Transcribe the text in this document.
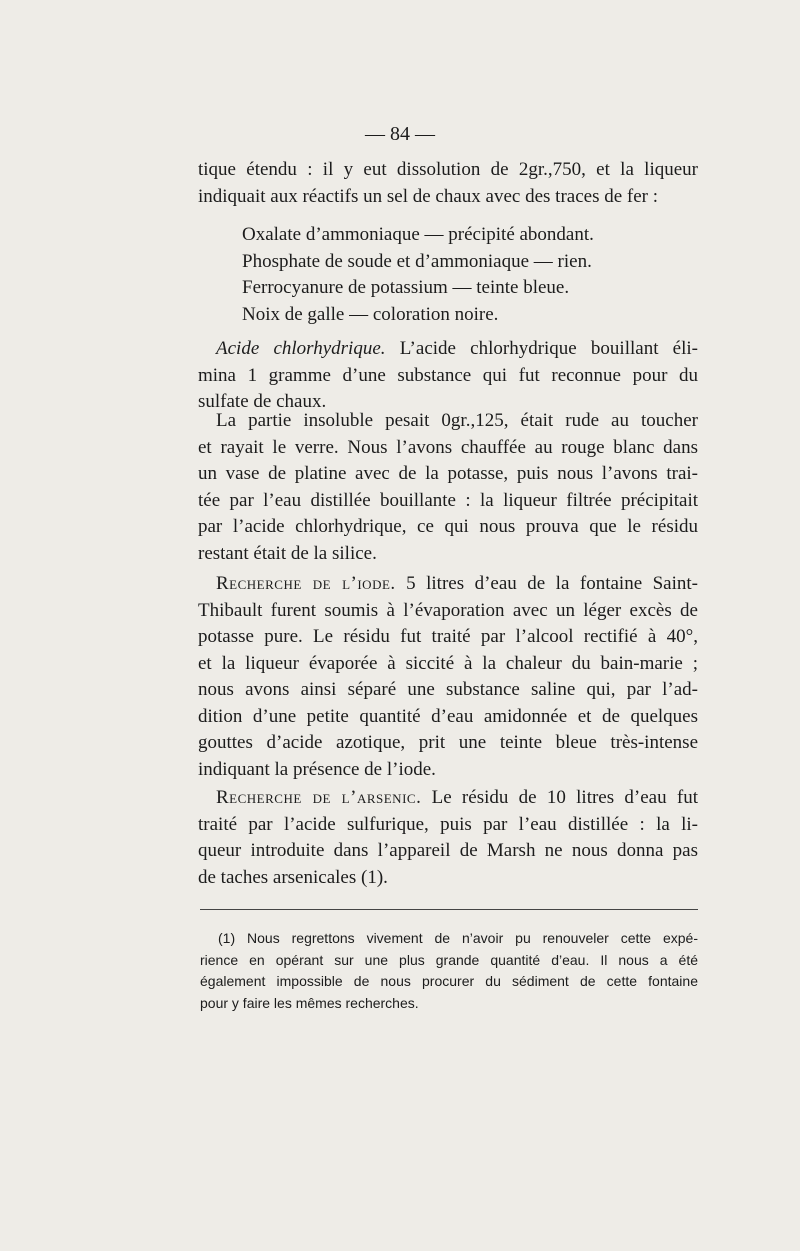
— 84 —
tique étendu : il y eut dissolution de 2gr.,750, et la liqueur
indiquait aux réactifs un sel de chaux avec des traces de fer :
Oxalate d’ammoniaque — précipité abondant.
Phosphate de soude et d’ammoniaque — rien.
Ferrocyanure de potassium — teinte bleue.
Noix de galle — coloration noire.
Acide chlorhydrique. L’acide chlorhydrique bouillant éli-
mina 1 gramme d’une substance qui fut reconnue pour du
sulfate de chaux.
La partie insoluble pesait 0gr.,125, était rude au toucher
et rayait le verre. Nous l’avons chauffée au rouge blanc dans
un vase de platine avec de la potasse, puis nous l’avons trai-
tée par l’eau distillée bouillante : la liqueur filtrée précipitait
par l’acide chlorhydrique, ce qui nous prouva que le résidu
restant était de la silice.
Recherche de l’iode. 5 litres d’eau de la fontaine Saint-
Thibault furent soumis à l’évaporation avec un léger excès de
potasse pure. Le résidu fut traité par l’alcool rectifié à 40°,
et la liqueur évaporée à siccité à la chaleur du bain-marie ;
nous avons ainsi séparé une substance saline qui, par l’ad-
dition d’une petite quantité d’eau amidonnée et de quelques
gouttes d’acide azotique, prit une teinte bleue très-intense
indiquant la présence de l’iode.
Recherche de l’arsenic. Le résidu de 10 litres d’eau fut
traité par l’acide sulfurique, puis par l’eau distillée : la li-
queur introduite dans l’appareil de Marsh ne nous donna pas
de taches arsenicales (1).
(1) Nous regrettons vivement de n’avoir pu renouveler cette expé-
rience en opérant sur une plus grande quantité d’eau. Il nous a été
également impossible de nous procurer du sédiment de cette fontaine
pour y faire les mêmes recherches.
